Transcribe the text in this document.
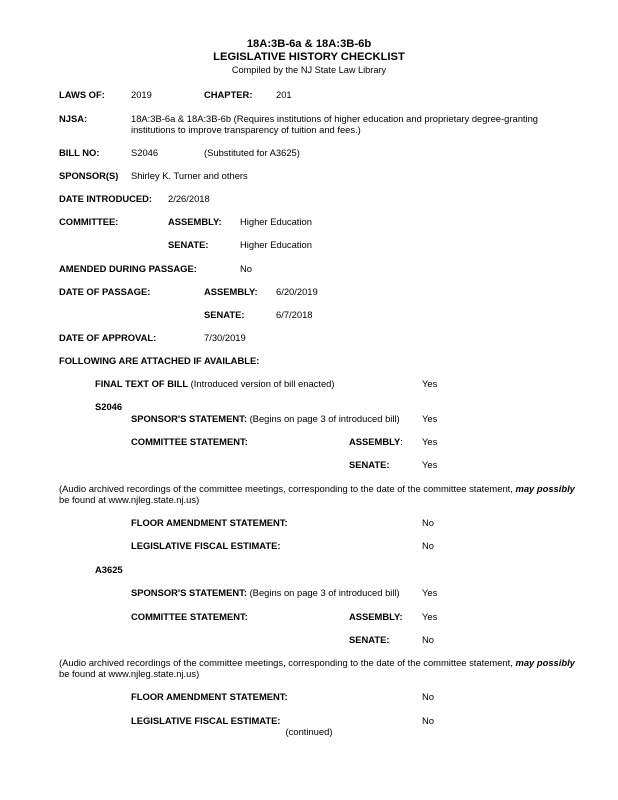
18A:3B-6a & 18A:3B-6b
LEGISLATIVE HISTORY CHECKLIST
Compiled by the NJ State Law Library
LAWS OF:	2019	CHAPTER:	201
NJSA:	18A:3B-6a & 18A:3B-6b (Requires institutions of higher education and proprietary degree-granting
institutions to improve transparency of tuition and fees.)
BILL NO:	S2046	(Substituted for A3625)
SPONSOR(S) Shirley K. Turner and others
DATE INTRODUCED: 2/26/2018
COMMITTEE:	ASSEMBLY: Higher Education
SENATE:	Higher Education
AMENDED DURING PASSAGE:	No
DATE OF PASSAGE:	ASSEMBLY: 6/20/2019
SENATE:	6/7/2018
DATE OF APPROVAL:	7/30/2019
FOLLOWING ARE ATTACHED IF AVAILABLE:
FINAL TEXT OF BILL (Introduced version of bill enacted)	Yes
S2046
SPONSOR'S STATEMENT: (Begins on page 3 of introduced bill) Yes
COMMITTEE STATEMENT:	ASSEMBLY: Yes
SENATE:	Yes
(Audio archived recordings of the committee meetings, corresponding to the date of the committee statement, may possibly
be found at www.njleg.state.nj.us)
FLOOR AMENDMENT STATEMENT:	No
LEGISLATIVE FISCAL ESTIMATE:	No
A3625
SPONSOR'S STATEMENT: (Begins on page 3 of introduced bill) Yes
COMMITTEE STATEMENT:	ASSEMBLY: Yes
SENATE:	No
(Audio archived recordings of the committee meetings, corresponding to the date of the committee statement, may possibly
be found at www.njleg.state.nj.us)
FLOOR AMENDMENT STATEMENT:	No
LEGISLATIVE FISCAL ESTIMATE:	No
(continued)
